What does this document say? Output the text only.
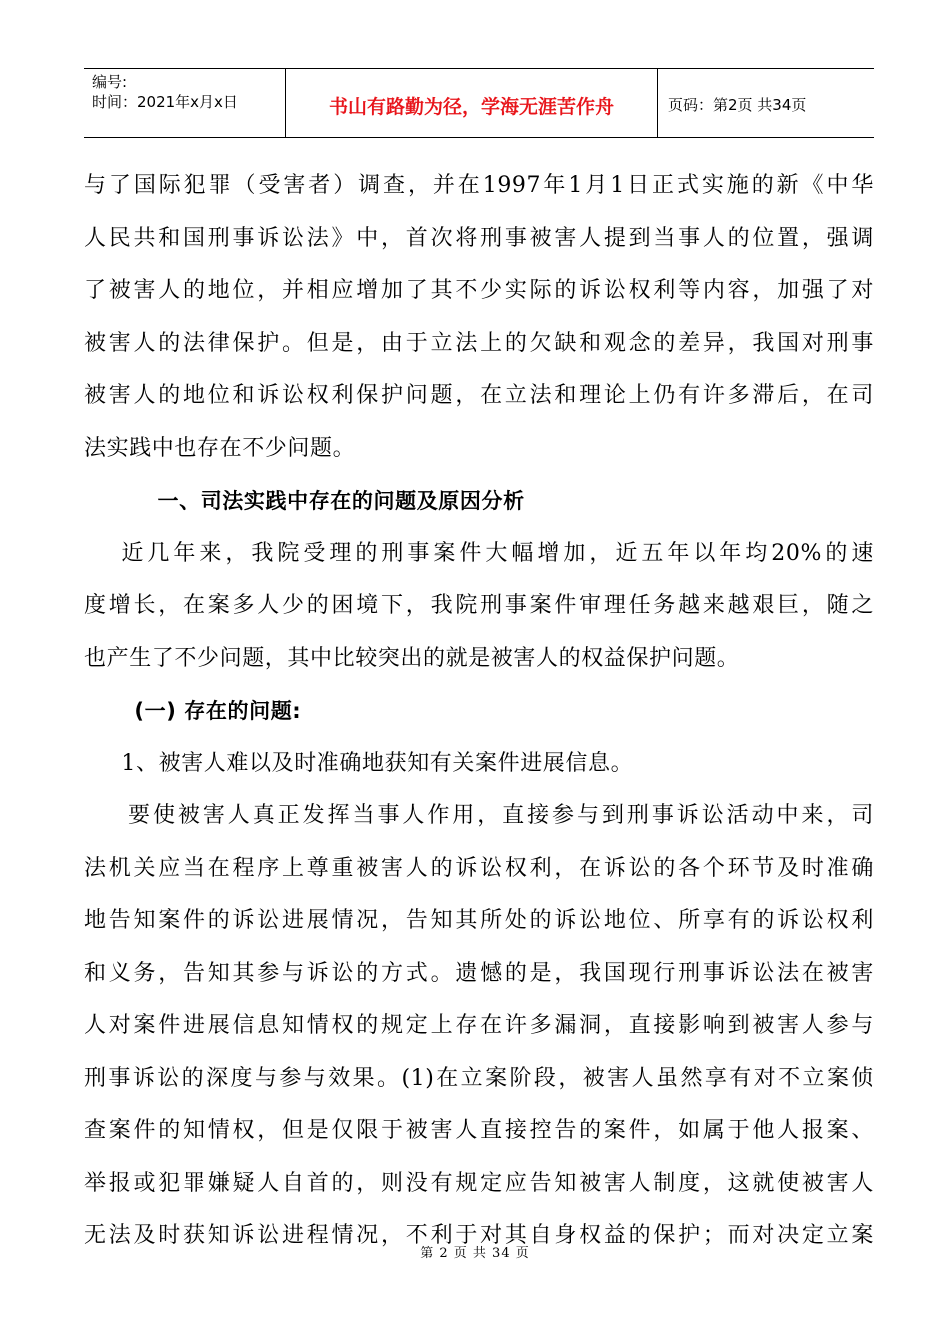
编号:
时间：2021年x月x日	书山有路勤为径，学海无涯苦作舟	页码：第2页 共34页

与了国际犯罪（受害者）调查，并在1997年1月1日正式实施的新《中华

人民共和国刑事诉讼法》中，首次将刑事被害人提到当事人的位置，强调

了被害人的地位，并相应增加了其不少实际的诉讼权利等内容，加强了对

被害人的法律保护。但是，由于立法上的欠缺和观念的差异，我国对刑事

被害人的地位和诉讼权利保护问题，在立法和理论上仍有许多滞后，在司

法实践中也存在不少问题。

一、司法实践中存在的问题及原因分析

近几年来，我院受理的刑事案件大幅增加，近五年以年均20%的速

度增长，在案多人少的困境下，我院刑事案件审理任务越来越艰巨，随之

也产生了不少问题，其中比较突出的就是被害人的权益保护问题。

(一) 存在的问题:

1、被害人难以及时准确地获知有关案件进展信息。

要使被害人真正发挥当事人作用，直接参与到刑事诉讼活动中来，司

法机关应当在程序上尊重被害人的诉讼权利，在诉讼的各个环节及时准确

地告知案件的诉讼进展情况，告知其所处的诉讼地位、所享有的诉讼权利

和义务，告知其参与诉讼的方式。遗憾的是，我国现行刑事诉讼法在被害

人对案件进展信息知情权的规定上存在许多漏洞，直接影响到被害人参与

刑事诉讼的深度与参与效果。(1)在立案阶段，被害人虽然享有对不立案侦

查案件的知情权，但是仅限于被害人直接控告的案件，如属于他人报案、

举报或犯罪嫌疑人自首的，则没有规定应告知被害人制度，这就使被害人

无法及时获知诉讼进程情况，不利于对其自身权益的保护；而对决定立案

第 2 页 共 34 页
